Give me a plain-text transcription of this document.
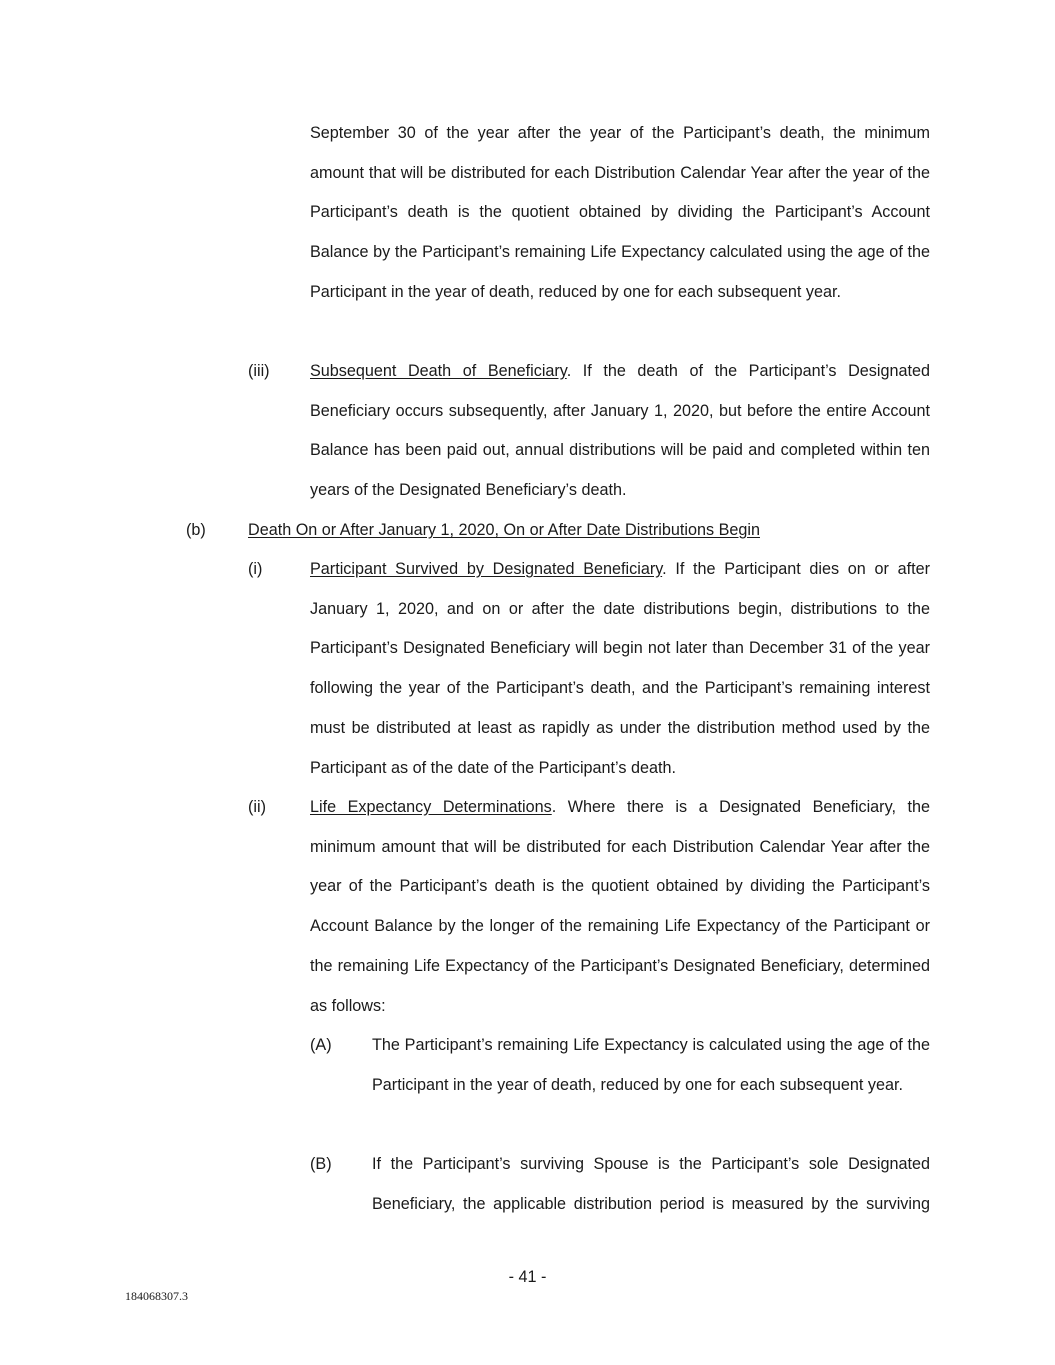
September 30 of the year after the year of the Participant’s death, the minimum amount that will be distributed for each Distribution Calendar Year after the year of the Participant’s death is the quotient obtained by dividing the Participant’s Account Balance by the Participant’s remaining Life Expectancy calculated using the age of the Participant in the year of death, reduced by one for each subsequent year.

(iii) Subsequent Death of Beneficiary. If the death of the Participant’s Designated Beneficiary occurs subsequently, after January 1, 2020, but before the entire Account Balance has been paid out, annual distributions will be paid and completed within ten years of the Designated Beneficiary’s death.

(b)	Death On or After January 1, 2020, On or After Date Distributions Begin
(i)	Participant Survived by Designated Beneficiary. If the Participant dies on or after January 1, 2020, and on or after the date distributions begin, distributions to the Participant’s Designated Beneficiary will begin not later than December 31 of the year following the year of the Participant’s death, and the Participant’s remaining interest must be distributed at least as rapidly as under the distribution method used by the Participant as of the date of the Participant’s death.

(ii)	Life Expectancy Determinations. Where there is a Designated Beneficiary, the minimum amount that will be distributed for each Distribution Calendar Year after the year of the Participant’s death is the quotient obtained by dividing the Participant’s Account Balance by the longer of the remaining Life Expectancy of the Participant or the remaining Life Expectancy of the Participant’s Designated Beneficiary, determined as follows:

(A) The Participant’s remaining Life Expectancy is calculated using the age of the Participant in the year of death, reduced by one for each subsequent year.

(B) If the Participant’s surviving Spouse is the Participant’s sole Designated Beneficiary, the applicable distribution period is measured by the surviving

- 41 -
184068307.3
